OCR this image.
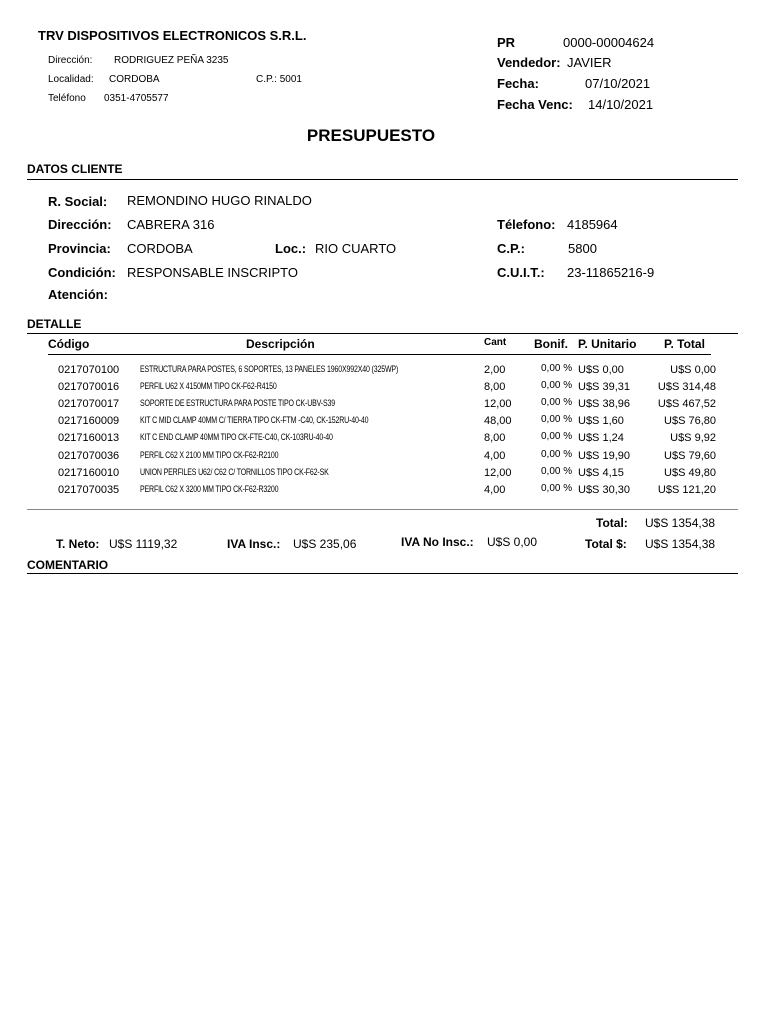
TRV DISPOSITIVOS ELECTRONICOS S.R.L.
Dirección: RODRIGUEZ PEÑA 3235
Localidad: CORDOBA	C.P.: 5001
Teléfono 0351-4705577
PR	0000-00004624
Vendedor: JAVIER
Fecha:	07/10/2021
Fecha Venc: 14/10/2021
PRESUPUESTO
DATOS CLIENTE
R. Social: REMONDINO HUGO RINALDO
Dirección: CABRERA 316	Télefono: 4185964
Provincia: CORDOBA	Loc.: RIO CUARTO	C.P.:	5800
Condición: RESPONSABLE INSCRIPTO	C.U.I.T.: 23-11865216-9
Atención:
DETALLE
Código	Descripción	Cant Bonif. P. Unitario P. Total
0217070100 ESTRUCTURA PARA POSTES, 6 SOPORTES, 13 PANELES 1960X992X40 (325WP)	2,00	0,00 % U$S 0,00	U$S 0,00
0217070016 PERFIL U62 X 4150MM TIPO CK-F62-R4150	8,00	0,00 % U$S 39,31	U$S 314,48
0217070017 SOPORTE DE ESTRUCTURA PARA POSTE TIPO CK-UBV-S39	12,00	0,00 % U$S 38,96	U$S 467,52
0217160009 KIT C MID CLAMP 40MM C/ TIERRA TIPO CK-FTM -C40, CK-152RU-40-40	48,00	0,00 % U$S 1,60	U$S 76,80
0217160013 KIT C END CLAMP 40MM TIPO CK-FTE-C40, CK-103RU-40-40	8,00	0,00 % U$S 1,24	U$S 9,92
0217070036 PERFIL C62 X 2100 MM TIPO CK-F62-R2100	4,00	0,00 % U$S 19,90	U$S 79,60
0217160010 UNION PERFILES U62/ C62 C/ TORNILLOS TIPO CK-F62-SK	12,00	0,00 % U$S 4,15	U$S 49,80
0217070035 PERFIL C62 X 3200 MM TIPO CK-F62-R3200	4,00	0,00 % U$S 30,30	U$S 121,20
Total: U$S 1354,38
T. Neto: U$S 1119,32	IVA Insc.: U$S 235,06	IVA No Insc.: U$S 0,00	Total $: U$S 1354,38
COMENTARIO
